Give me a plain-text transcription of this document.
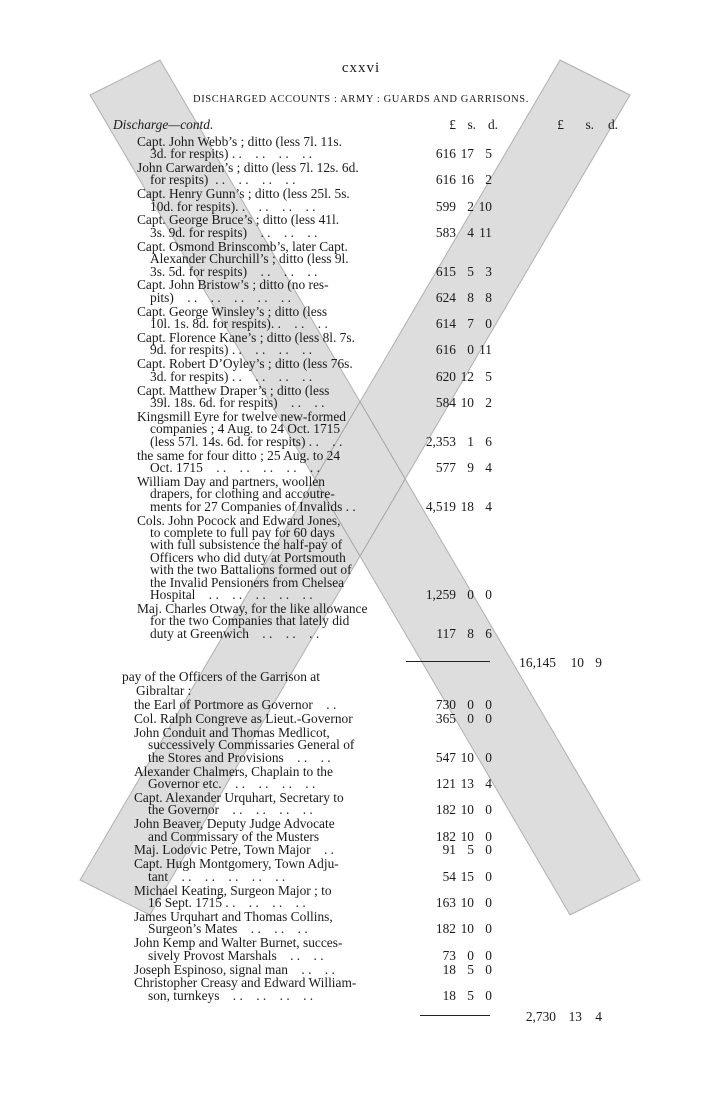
cxxvi
DISCHARGED ACCOUNTS : ARMY : GUARDS AND GARRISONS.
Discharge—contd.	£ s. d.	£	s.	d.
Capt. John Webb’s ; ditto (less 7l. 11s.
3d. for respits) . .    . .    . .    . .	616 17 5
John Carwarden’s ; ditto (less 7l. 12s. 6d.
for respits)  . .    . .    . .    . .	616 16 2
Capt. Henry Gunn’s ; ditto (less 25l. 5s.
10d. for respits). .    . .    . .    . .	599 2 10
Capt. George Bruce’s ; ditto (less 41l.
3s. 9d. for respits)    . .    . .    . .	583 4 11
Capt. Osmond Brinscomb’s, later Capt.
Alexander Churchill’s ; ditto (less 9l.
3s. 5d. for respits)    . .    . .    . .	615 5 3
Capt. John Bristow’s ; ditto (no res-
pits)    . .    . .    . .    . .    . .	624 8 8
Capt. George Winsley’s ; ditto (less
10l. 1s. 8d. for respits). .    . .    . .	614 7 0
Capt. Florence Kane’s ; ditto (less 8l. 7s.
9d. for respits) . .    . .    . .    . .	616 0 11
Capt. Robert D’Oyley’s ; ditto (less 76s.
3d. for respits) . .    . .    . .    . .	620 12 5
Capt. Matthew Draper’s ; ditto (less
39l. 18s. 6d. for respits)    . .    . .	584 10 2
Kingsmill Eyre for twelve new-formed
companies ; 4 Aug. to 24 Oct. 1715
(less 57l. 14s. 6d. for respits) . .    . .	2,353 1 6
the same for four ditto ; 25 Aug. to 24
Oct. 1715    . .    . .    . .    . .    . .	577 9 4
William Day and partners, woollen
drapers, for clothing and accoutre-
ments for 27 Companies of Invalids . .	4,519 18 4
Cols. John Pocock and Edward Jones,
to complete to full pay for 60 days
with full subsistence the half-pay of
Officers who did duty at Portsmouth
with the two Battalions formed out of
the Invalid Pensioners from Chelsea
Hospital    . .    . .    . .    . .    . .	1,259 0 0
Maj. Charles Otway, for the like allowance
for the two Companies that lately did
duty at Greenwich    . .    . .    . .	117 8 6
16,145	10 9
pay of the Officers of the Garrison at
Gibraltar :
the Earl of Portmore as Governor    . .	730 0 0
Col. Ralph Congreve as Lieut.-Governor	365 0 0
John Conduit and Thomas Medlicot,
successively Commissaries General of
the Stores and Provisions    . .    . .	547 10 0
Alexander Chalmers, Chaplain to the
Governor etc.    . .    . .    . .    . .	121 13 4
Capt. Alexander Urquhart, Secretary to
the Governor    . .    . .    . .    . .	182 10 0
John Beaver, Deputy Judge Advocate
and Commissary of the Musters	182 10 0
Maj. Lodovic Petre, Town Major    . .	91 5 0
Capt. Hugh Montgomery, Town Adju-
tant    . .    . .    . .    . .    . .	54 15 0
Michael Keating, Surgeon Major ; to
16 Sept. 1715 . .    . .    . .    . .	163 10 0
James Urquhart and Thomas Collins,
Surgeon’s Mates    . .    . .    . .	182 10 0
John Kemp and Walter Burnet, succes-
sively Provost Marshals    . .    . .	73 0 0
Joseph Espinoso, signal man    . .    . .	18 5 0
Christopher Creasy and Edward William-
son, turnkeys    . .    . .    . .    . .	18 5 0
2,730 13 4
